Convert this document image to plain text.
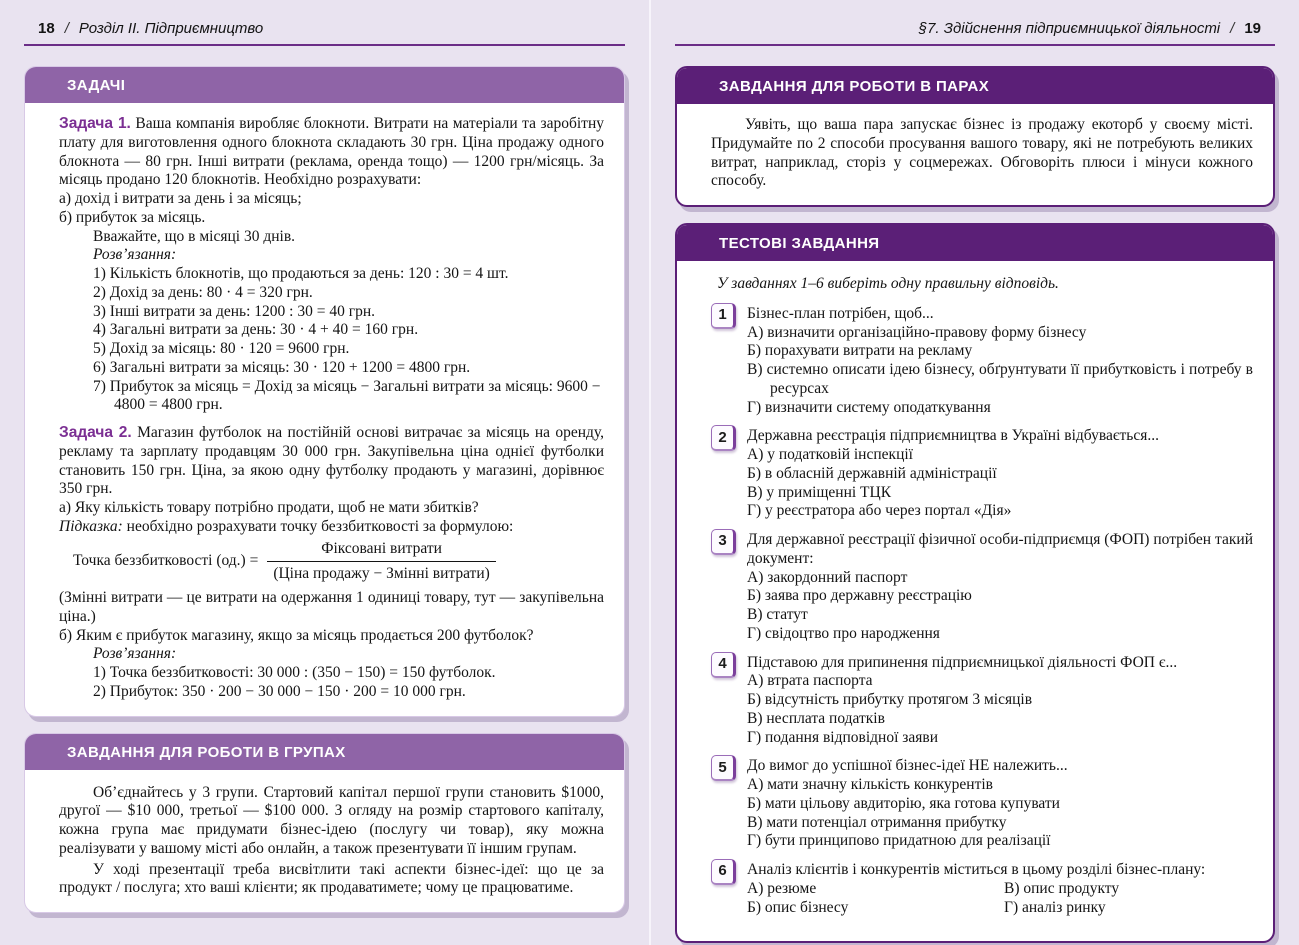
18 / Розділ II. Підприємництво
ЗАДАЧІ

Задача 1. Ваша компанія виробляє блокноти. Витрати на матеріали та заробітну плату для виготовлення одного блокнота складають 30 грн. Ціна продажу одного блокнота — 80 грн. Інші витрати (реклама, оренда тощо) — 1200 грн/місяць. За місяць продано 120 блокнотів. Необхідно розрахувати:

а) дохід і витрати за день і за місяць;
б) прибуток за місяць.
Вважайте, що в місяці 30 днів.
Розв’язання:
1) Кількість блокнотів, що продаються за день: 120 : 30 = 4 шт.
2) Дохід за день: 80 · 4 = 320 грн.
3) Інші витрати за день: 1200 : 30 = 40 грн.
4) Загальні витрати за день: 30 · 4 + 40 = 160 грн.
5) Дохід за місяць: 80 · 120 = 9600 грн.
6) Загальні витрати за місяць: 30 · 120 + 1200 = 4800 грн.
7) Прибуток за місяць = Дохід за місяць − Загальні витрати за місяць: 9600 − 4800 = 4800 грн.

Задача 2. Магазин футболок на постійній основі витрачає за місяць на оренду, рекламу та зарплату продавцям 30 000 грн. Закупівельна ціна однієї футболки становить 150 грн. Ціна, за якою одну футболку продають у магазині, дорівнює 350 грн.

а) Яку кількість товару потрібно продати, щоб не мати збитків?

Підказка: необхідно розрахувати точку беззбитковості за формулою:

Точка беззбитковості $(од.) = \frac{\text{Фіксовані витрати}}{\text{(Ціна продажу − Змінні витрати)}}$
(Змінні витрати — це витрати на одержання 1 одиниці товару, тут — закупівельна ціна.)
б) Яким є прибуток магазину, якщо за місяць продається 200 футболок?
Розв’язання:
1) Точка беззбитковості: 30 000 : (350 − 150) = 150 футболок.
2) Прибуток: 350 · 200 − 30 000 − 150 · 200 = 10 000 грн.
ЗАВДАННЯ ДЛЯ РОБОТИ В ГРУПАХ

Об’єднайтесь у 3 групи. Стартовий капітал першої групи становить $1000, другої — $10 000, третьої — $100 000. З огляду на розмір стартового капіталу, кожна група має придумати бізнес-ідею (послугу чи товар), яку можна реалізувати у вашому місті або онлайн, а також презентувати її іншим групам.

У ході презентації треба висвітлити такі аспекти бізнес-ідеї: що це за продукт / послуга; хто ваші клієнти; як продаватимете; чому це працюватиме.

§7. Здійснення підприємницької діяльності / 19
ЗАВДАННЯ ДЛЯ РОБОТИ В ПАРАХ

Уявіть, що ваша пара запускає бізнес із продажу екоторб у своєму місті. Придумайте по 2 способи просування вашого товару, які не потребують великих витрат, наприклад, сторіз у соцмережах. Обговоріть плюси і мінуси кожного способу.

ТЕСТОВІ ЗАВДАННЯ
У завданнях 1–6 виберіть одну правильну відповідь.
1	Бізнес-план потрібен, щоб...
А) визначити організаційно-правову форму бізнесу
Б) порахувати витрати на рекламу
В) системно описати ідею бізнесу, обґрунтувати її прибутковість і потребу в ресурсах
Г) визначити систему оподаткування
2	Державна реєстрація підприємництва в Україні відбувається...
А) у податковій інспекції
Б) в обласній державній адміністрації
В) у приміщенні ТЦК
Г) у реєстратора або через портал «Дія»
3	Для державної реєстрації фізичної особи-підприємця (ФОП) потрібен такий документ:
А) закордонний паспорт
Б) заява про державну реєстрацію
В) статут
Г) свідоцтво про народження
4	Підставою для припинення підприємницької діяльності ФОП є...
А) втрата паспорта
Б) відсутність прибутку протягом 3 місяців
В) несплата податків
Г) подання відповідної заяви
5	До вимог до успішної бізнес-ідеї НЕ належить...
А) мати значну кількість конкурентів
Б) мати цільову авдиторію, яка готова купувати
В) мати потенціал отримання прибутку
Г) бути принципово придатною для реалізації
6	Аналіз клієнтів і конкурентів міститься в цьому розділі бізнес-плану:
А) резюме	В) опис продукту
Б) опис бізнесу	Г) аналіз ринку
